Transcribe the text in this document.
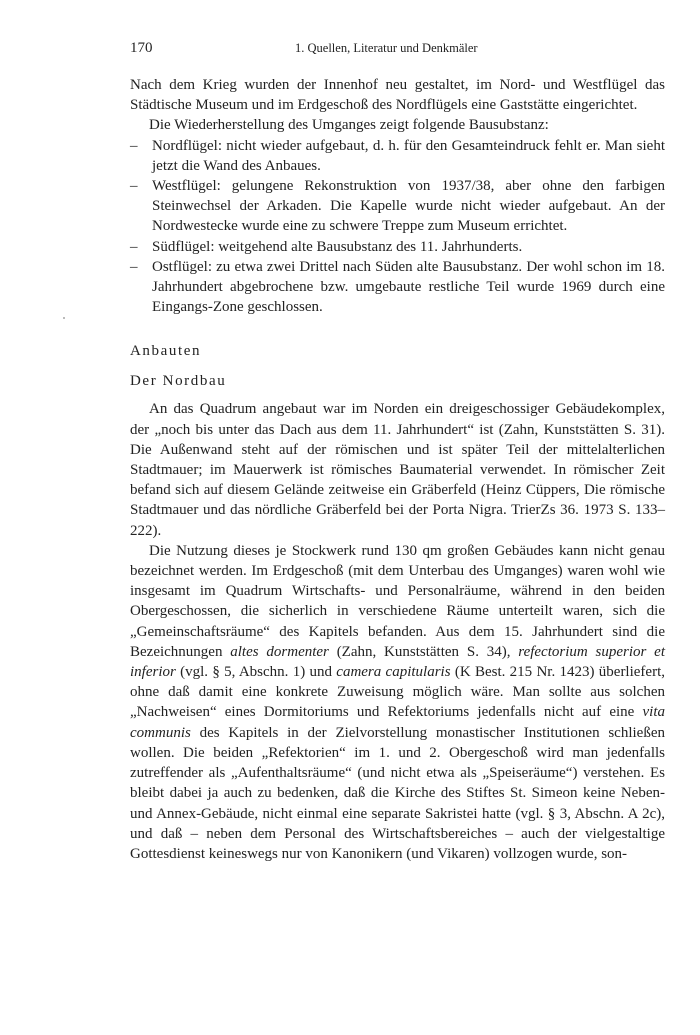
170	1. Quellen, Literatur und Denkmäler

Nach dem Krieg wurden der Innenhof neu gestaltet, im Nord- und Westflügel das Städtische Museum und im Erdgeschoß des Nordflügels eine Gaststätte eingerichtet.

Die Wiederherstellung des Umganges zeigt folgende Bausubstanz:

– Nordflügel: nicht wieder aufgebaut, d. h. für den Gesamteindruck fehlt er. Man sieht jetzt die Wand des Anbaues.
– Westflügel: gelungene Rekonstruktion von 1937/38, aber ohne den farbigen Steinwechsel der Arkaden. Die Kapelle wurde nicht wieder aufgebaut. An der Nordwestecke wurde eine zu schwere Treppe zum Museum errichtet.
– Südflügel: weitgehend alte Bausubstanz des 11. Jahrhunderts.
– Ostflügel: zu etwa zwei Drittel nach Süden alte Bausubstanz. Der wohl schon im 18. Jahrhundert abgebrochene bzw. umgebaute restliche Teil wurde 1969 durch eine Eingangs-Zone geschlossen.
Anbauten
Der Nordbau

An das Quadrum angebaut war im Norden ein dreigeschossiger Gebäudekomplex, der „noch bis unter das Dach aus dem 11. Jahrhundert“ ist (Zahn, Kunststätten S. 31). Die Außenwand steht auf der römischen und ist später Teil der mittelalterlichen Stadtmauer; im Mauerwerk ist römisches Baumaterial verwendet. In römischer Zeit befand sich auf diesem Gelände zeitweise ein Gräberfeld (Heinz Cüppers, Die römische Stadtmauer und das nördliche Gräberfeld bei der Porta Nigra. TrierZs 36. 1973 S. 133–222).

Die Nutzung dieses je Stockwerk rund 130 qm großen Gebäudes kann nicht genau bezeichnet werden. Im Erdgeschoß (mit dem Unterbau des Umganges) waren wohl wie insgesamt im Quadrum Wirtschafts- und Personalräume, während in den beiden Obergeschossen, die sicherlich in verschiedene Räume unterteilt waren, sich die „Gemeinschaftsräume“ des Kapitels befanden. Aus dem 15. Jahrhundert sind die Bezeichnungen altes dormenter (Zahn, Kunststätten S. 34), refectorium superior et inferior (vgl. § 5, Abschn. 1) und camera capitularis (K Best. 215 Nr. 1423) überliefert, ohne daß damit eine konkrete Zuweisung möglich wäre. Man sollte aus solchen „Nachweisen“ eines Dormitoriums und Refektoriums jedenfalls nicht auf eine vita communis des Kapitels in der Zielvorstellung monastischer Institutionen schließen wollen. Die beiden „Refektorien“ im 1. und 2. Obergeschoß wird man jedenfalls zutreffender als „Aufenthaltsräume“ (und nicht etwa als „Speiseräume“) verstehen. Es bleibt dabei ja auch zu bedenken, daß die Kirche des Stiftes St. Simeon keine Neben- und Annex-Gebäude, nicht einmal eine separate Sakristei hatte (vgl. § 3, Abschn. A 2c), und daß – neben dem Personal des Wirtschaftsbereiches – auch der vielgestaltige Gottesdienst keineswegs nur von Kanonikern (und Vikaren) vollzogen wurde, son-
